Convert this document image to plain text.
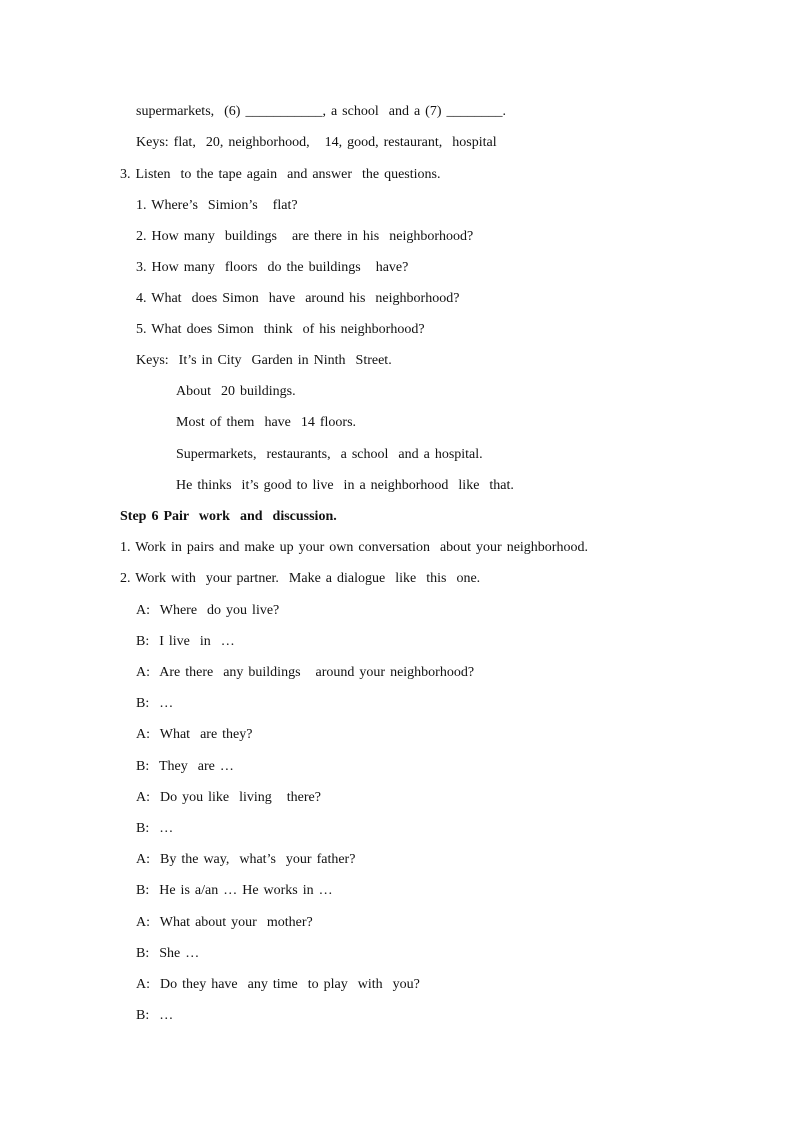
supermarkets,  (6) ___________, a school  and a (7) ________.
Keys: flat,  20, neighborhood,   14, good, restaurant,  hospital
3. Listen  to the tape again  and answer  the questions.
1. Where’s  Simion’s   flat?
2. How many  buildings   are there in his  neighborhood?
3. How many  floors  do the buildings   have?
4. What  does Simon  have  around his  neighborhood?
5. What does Simon  think  of his neighborhood?
Keys:  It’s in City  Garden in Ninth  Street.
About  20 buildings.
Most of them  have  14 floors.
Supermarkets,  restaurants,  a school  and a hospital.
He thinks  it’s good to live  in a neighborhood  like  that.
Step 6 Pair  work  and  discussion.
1. Work in pairs and make up your own conversation  about your neighborhood.
2. Work with  your partner.  Make a dialogue  like  this  one.
A:  Where  do you live?
B:  I live  in  …
A:  Are there  any buildings   around your neighborhood?
B:  …
A:  What  are they?
B:  They  are …
A:  Do you like  living   there?
B:  …
A:  By the way,  what’s  your father?
B:  He is a/an … He works in …
A:  What about your  mother?
B:  She …
A:  Do they have  any time  to play  with  you?
B:  …
